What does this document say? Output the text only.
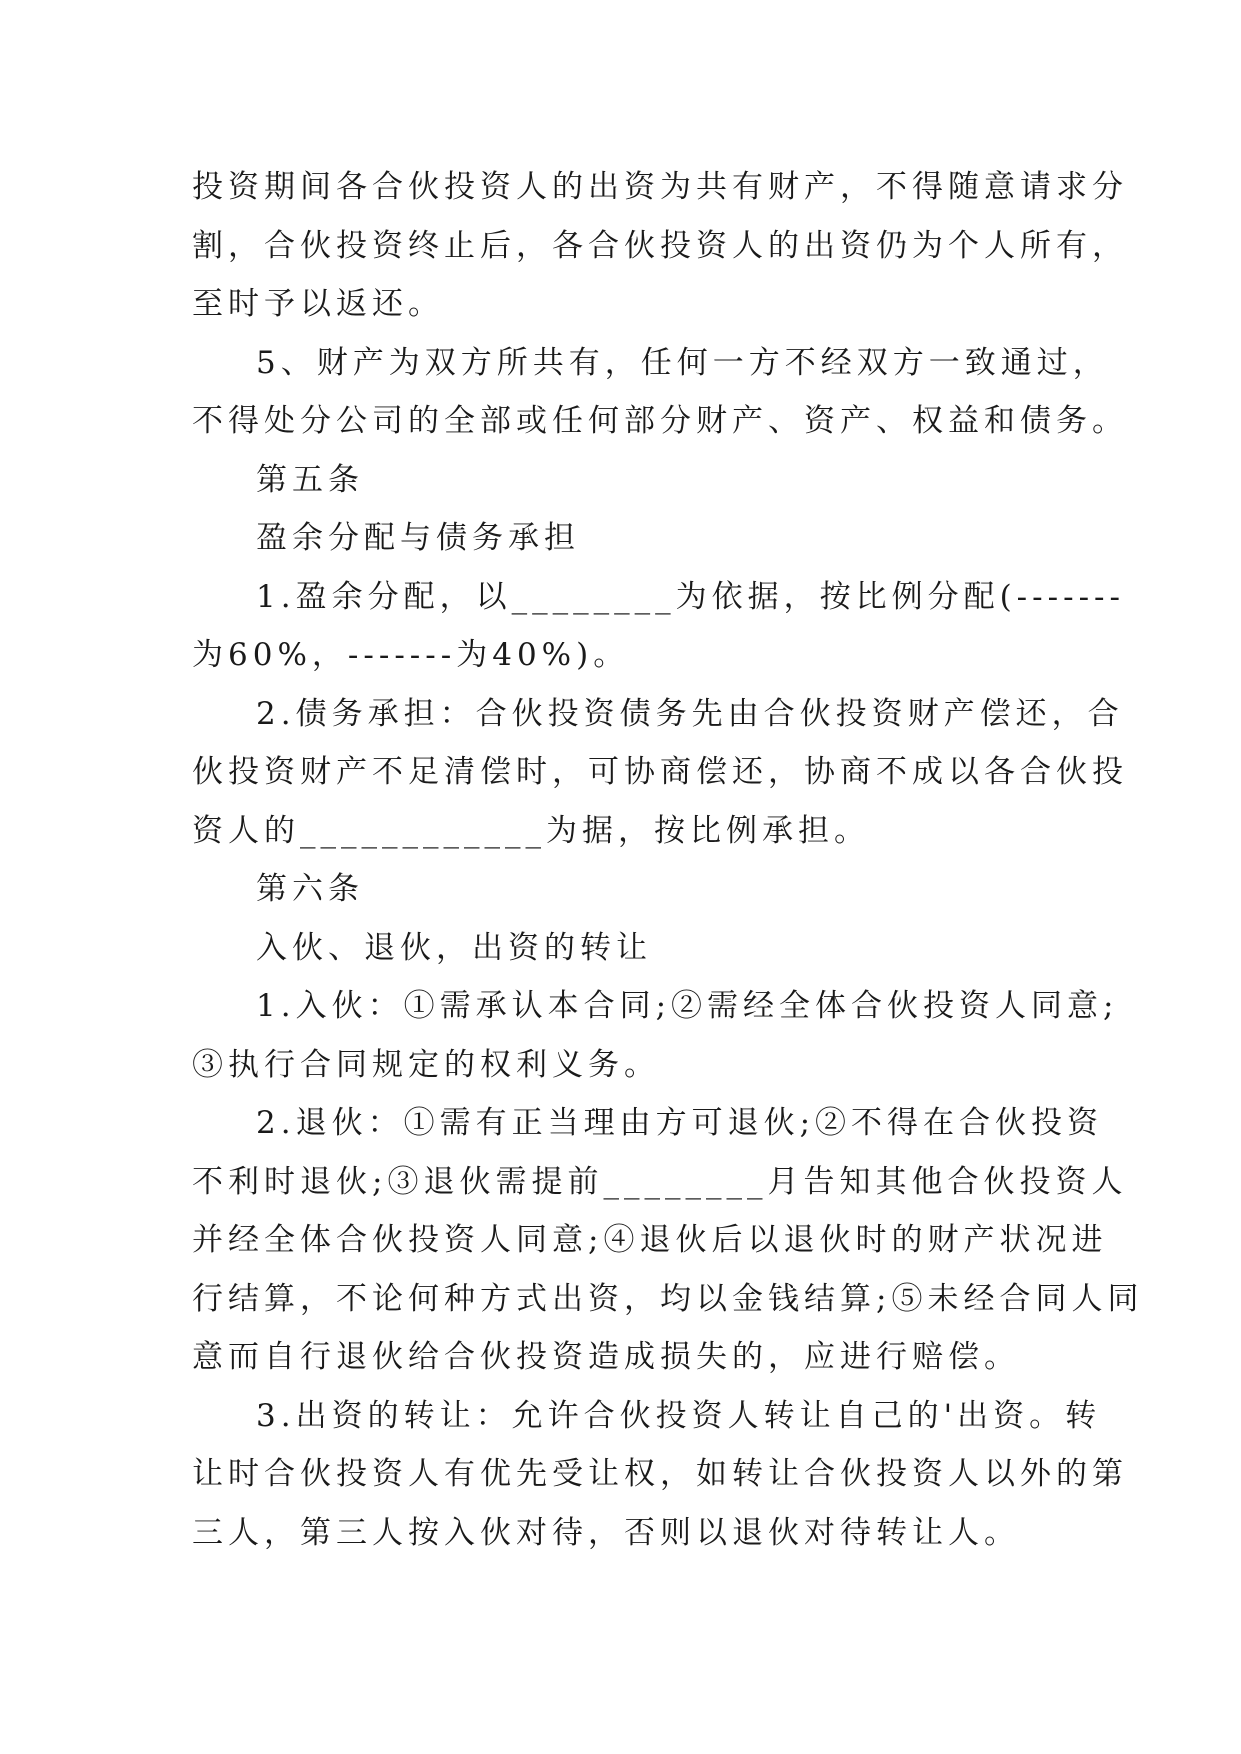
投资期间各合伙投资人的出资为共有财产，不得随意请求分
割，合伙投资终止后，各合伙投资人的出资仍为个人所有，
至时予以返还。
5、财产为双方所共有，任何一方不经双方一致通过，
不得处分公司的全部或任何部分财产、资产、权益和债务。
第五条
盈余分配与债务承担
1.盈余分配，以________为依据，按比例分配(-------
为60%，-------为40%)。
2.债务承担：合伙投资债务先由合伙投资财产偿还，合
伙投资财产不足清偿时，可协商偿还，协商不成以各合伙投
资人的____________为据，按比例承担。
第六条
入伙、退伙，出资的转让
1.入伙：①需承认本合同;②需经全体合伙投资人同意;
③执行合同规定的权利义务。
2.退伙：①需有正当理由方可退伙;②不得在合伙投资
不利时退伙;③退伙需提前________月告知其他合伙投资人
并经全体合伙投资人同意;④退伙后以退伙时的财产状况进
行结算，不论何种方式出资，均以金钱结算;⑤未经合同人同
意而自行退伙给合伙投资造成损失的，应进行赔偿。
3.出资的转让：允许合伙投资人转让自己的'出资。转
让时合伙投资人有优先受让权，如转让合伙投资人以外的第
三人，第三人按入伙对待，否则以退伙对待转让人。
